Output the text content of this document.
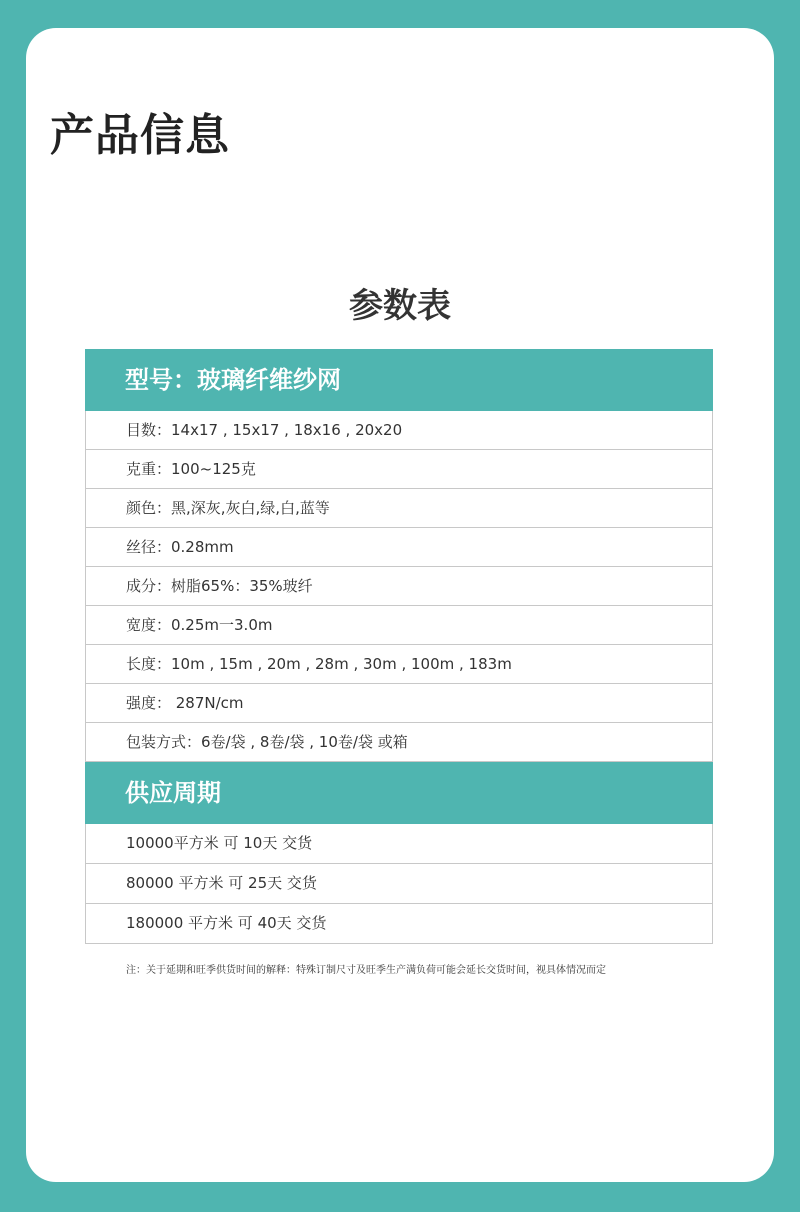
产品信息
参数表
型号：玻璃纤维纱网
目数：14x17 , 15x17 , 18x16 , 20x20
克重：100~125克
颜色：黑,深灰,灰白,绿,白,蓝等
丝径：0.28mm
成分：树脂65%：35%玻纤
宽度：0.25m一3.0m
长度：10m , 15m , 20m , 28m , 30m , 100m , 183m
强度： 287N/cm
包装方式：6卷/袋 , 8卷/袋 , 10卷/袋 或箱
供应周期
10000平方米 可 10天 交货
80000 平方米 可 25天 交货
180000 平方米 可 40天 交货
注：关于延期和旺季供货时间的解释：特殊订制尺寸及旺季生产满负荷可能会延长交货时间，视具体情况而定
